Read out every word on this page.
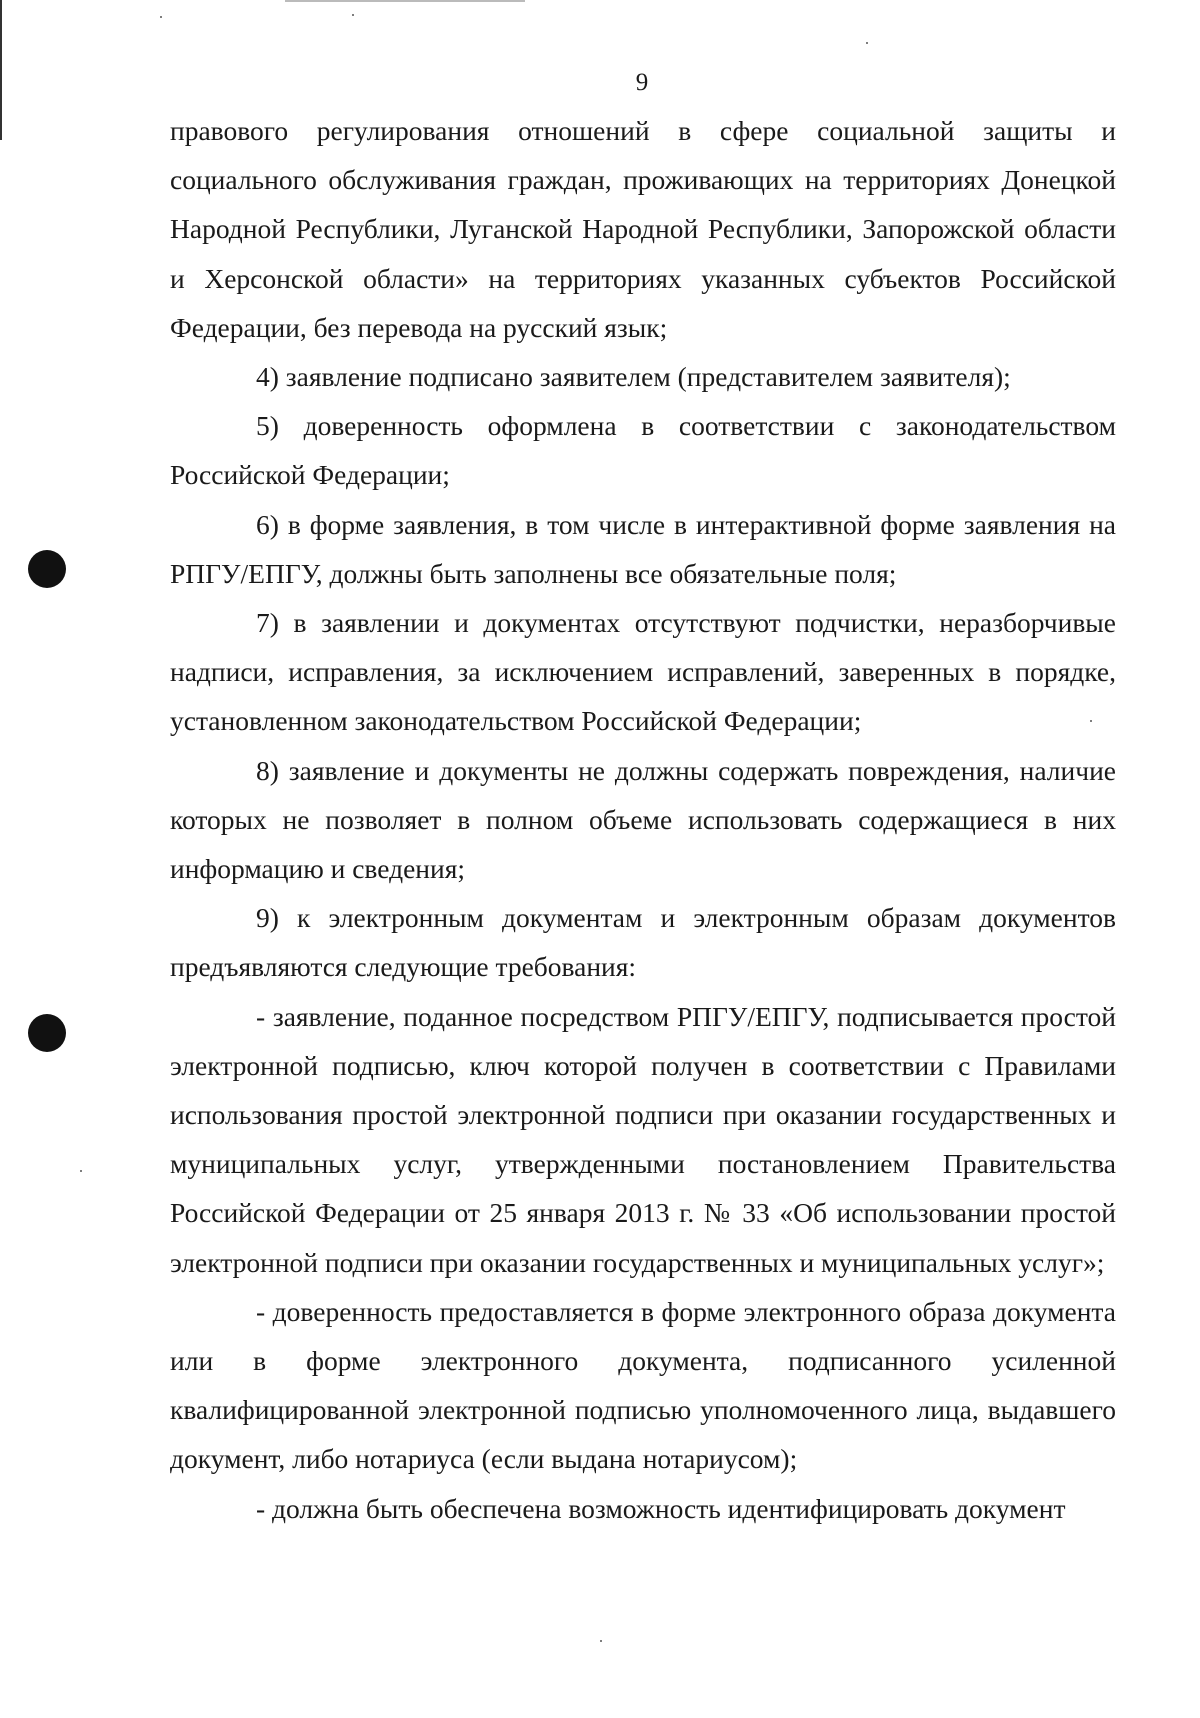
9

правового регулирования отношений в сфере социальной защиты и социального обслуживания граждан, проживающих на территориях Донецкой Народной Республики, Луганской Народной Республики, Запорожской области и Херсонской области» на территориях указанных субъектов Российской Федерации, без перевода на русский язык;

4) заявление подписано заявителем (представителем заявителя);

5) доверенность оформлена в соответствии с законодательством Российской Федерации;

6) в форме заявления, в том числе в интерактивной форме заявления на РПГУ/ЕПГУ, должны быть заполнены все обязательные поля;

7) в заявлении и документах отсутствуют подчистки, неразборчивые надписи, исправления, за исключением исправлений, заверенных в порядке, установленном законодательством Российской Федерации;

8) заявление и документы не должны содержать повреждения, наличие которых не позволяет в полном объеме использовать содержащиеся в них информацию и сведения;

9) к электронным документам и электронным образам документов предъявляются следующие требования:

- заявление, поданное посредством РПГУ/ЕПГУ, подписывается простой электронной подписью, ключ которой получен в соответствии с Правилами использования простой электронной подписи при оказании государственных и муниципальных услуг, утвержденными постановлением Правительства Российской Федерации от 25 января 2013 г. № 33 «Об использовании простой электронной подписи при оказании государственных и муниципальных услуг»;

- доверенность предоставляется в форме электронного образа документа или в форме электронного документа, подписанного усиленной квалифицированной электронной подписью уполномоченного лица, выдавшего документ, либо нотариуса (если выдана нотариусом);

- должна быть обеспечена возможность идентифицировать документ
